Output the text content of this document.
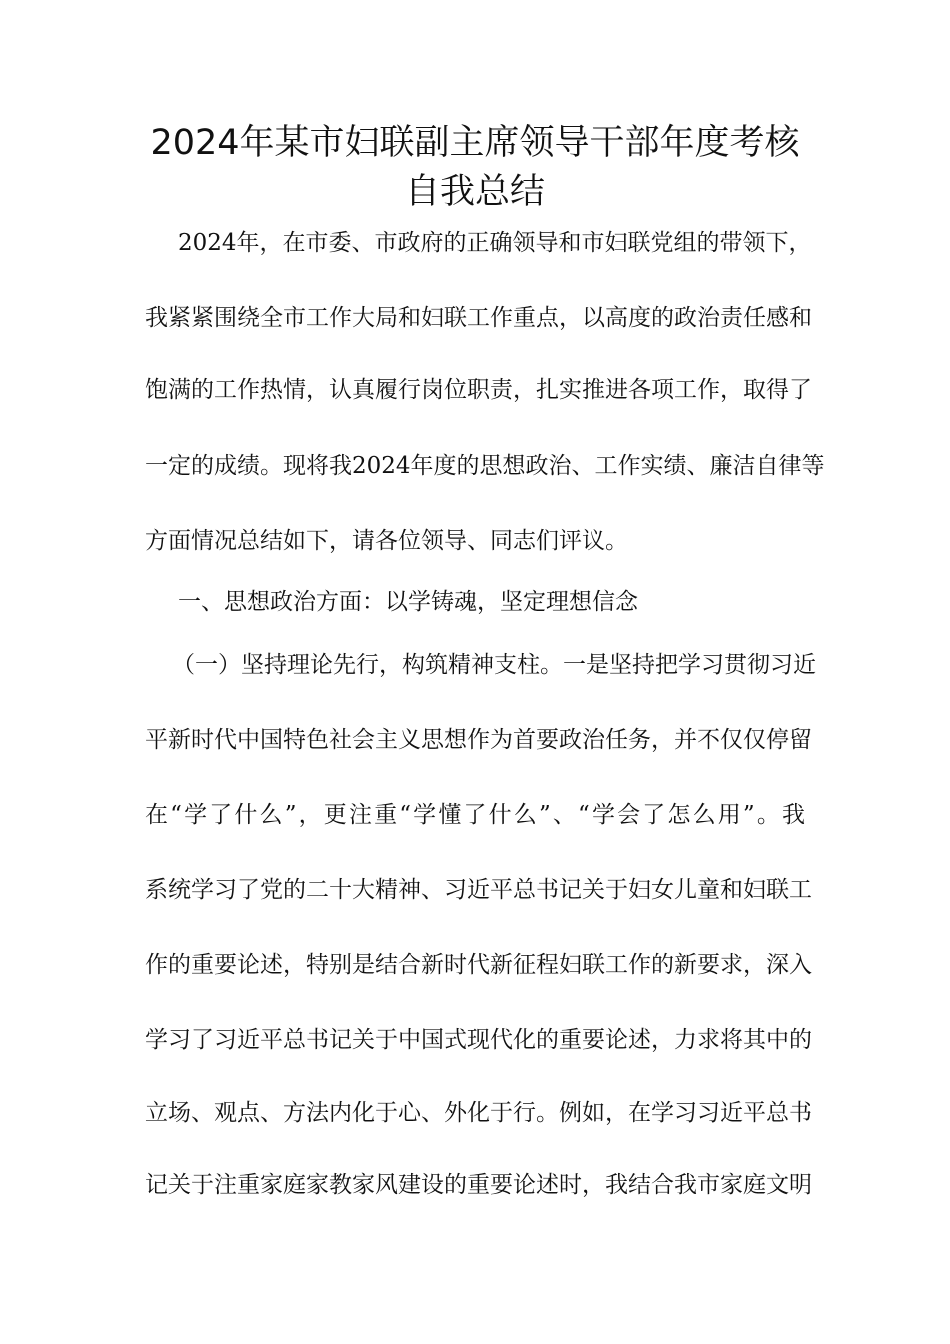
2024年某市妇联副主席领导干部年度考核
自我总结
2024年，在市委、市政府的正确领导和市妇联党组的带领下，
我紧紧围绕全市工作大局和妇联工作重点，以高度的政治责任感和
饱满的工作热情，认真履行岗位职责，扎实推进各项工作，取得了
一定的成绩。现将我2024年度的思想政治、工作实绩、廉洁自律等
方面情况总结如下，请各位领导、同志们评议。
一、思想政治方面：以学铸魂，坚定理想信念
（一）坚持理论先行，构筑精神支柱。一是坚持把学习贯彻习近
平新时代中国特色社会主义思想作为首要政治任务，并不仅仅停留
在“学了什么”，更注重“学懂了什么”、“学会了怎么用”。我
系统学习了党的二十大精神、习近平总书记关于妇女儿童和妇联工
作的重要论述，特别是结合新时代新征程妇联工作的新要求，深入
学习了习近平总书记关于中国式现代化的重要论述，力求将其中的
立场、观点、方法内化于心、外化于行。例如，在学习习近平总书
记关于注重家庭家教家风建设的重要论述时，我结合我市家庭文明
